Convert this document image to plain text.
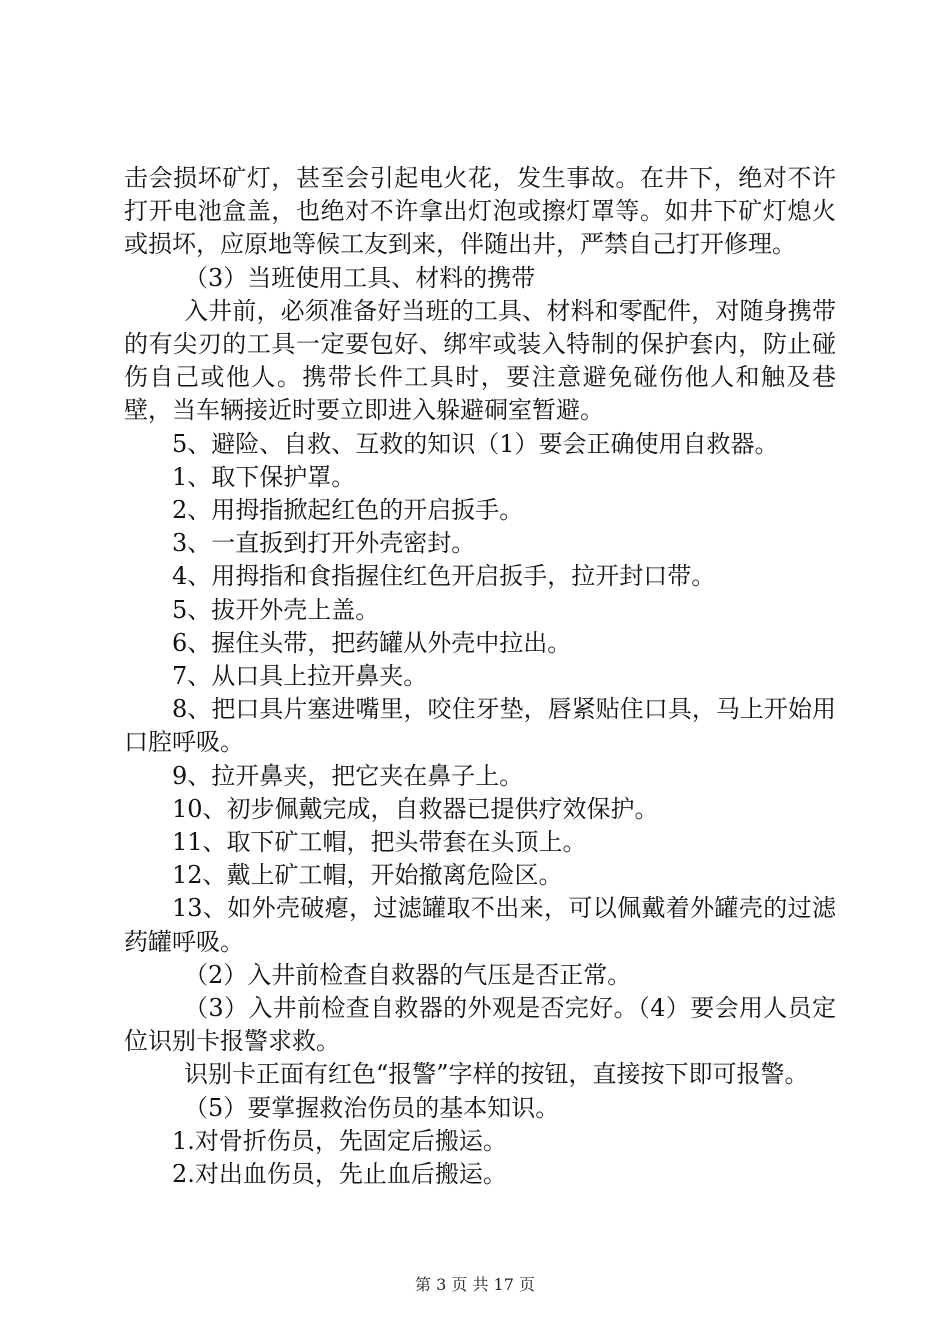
击会损坏矿灯，甚至会引起电火花，发生事故。在井下，绝对不许打开电池盒盖，也绝对不许拿出灯泡或擦灯罩等。如井下矿灯熄火或损坏，应原地等候工友到来，伴随出井，严禁自己打开修理。

（3）当班使用工具、材料的携带

入井前，必须准备好当班的工具、材料和零配件，对随身携带的有尖刃的工具一定要包好、绑牢或装入特制的保护套内，防止碰伤自己或他人。携带长件工具时，要注意避免碰伤他人和触及巷壁，当车辆接近时要立即进入躲避硐室暂避。

5、避险、自救、互救的知识（1）要会正确使用自救器。

1、取下保护罩。

2、用拇指掀起红色的开启扳手。

3、一直扳到打开外壳密封。

4、用拇指和食指握住红色开启扳手，拉开封口带。

5、拔开外壳上盖。

6、握住头带，把药罐从外壳中拉出。

7、从口具上拉开鼻夹。

8、把口具片塞进嘴里，咬住牙垫，唇紧贴住口具，马上开始用口腔呼吸。

9、拉开鼻夹，把它夹在鼻子上。

10、初步佩戴完成，自救器已提供疗效保护。

11、取下矿工帽，把头带套在头顶上。

12、戴上矿工帽，开始撤离危险区。

13、如外壳破瘪，过滤罐取不出来，可以佩戴着外罐壳的过滤药罐呼吸。

（2）入井前检查自救器的气压是否正常。

（3）入井前检查自救器的外观是否完好。（4）要会用人员定位识别卡报警求救。

识别卡正面有红色“报警”字样的按钮，直接按下即可报警。

（5）要掌握救治伤员的基本知识。

1.对骨折伤员，先固定后搬运。

2.对出血伤员，先止血后搬运。

第 3 页 共 17 页
